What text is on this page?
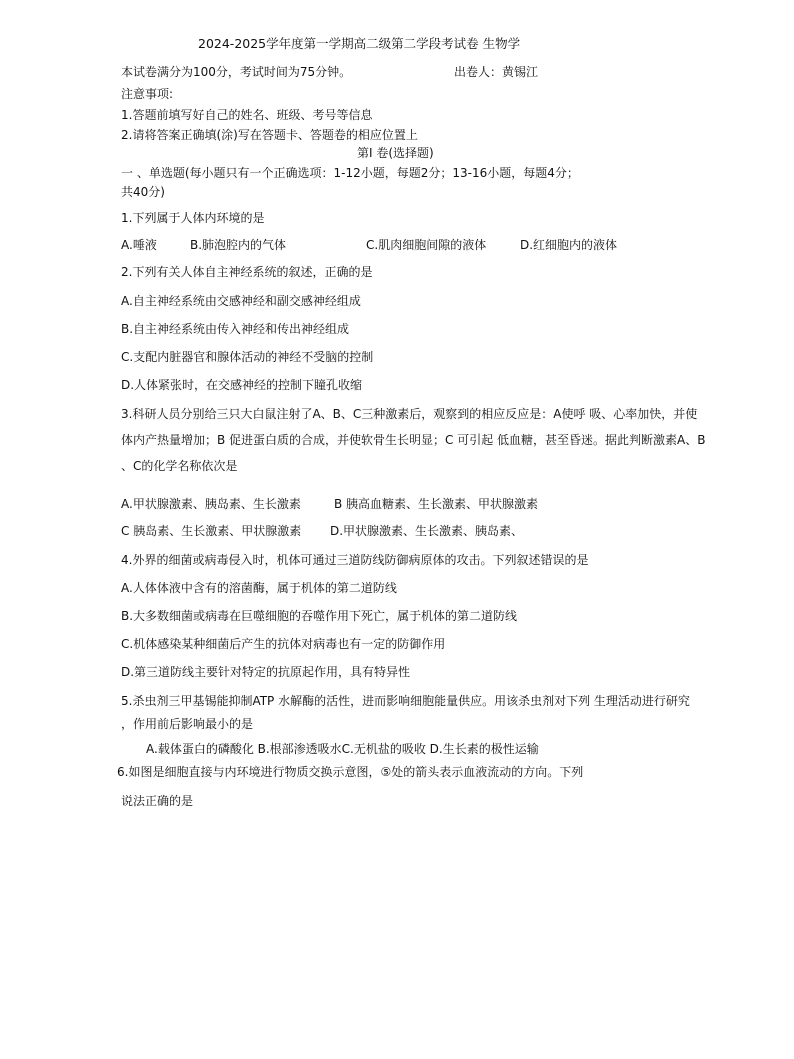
2024-2025学年度第一学期高二级第二学段考试卷 生物学

本试卷满分为100分，考试时间为75分钟。	出卷人：黄锡江

注意事项:

1.答题前填写好自己的姓名、班级、考号等信息

2.请将答案正确填(涂)写在答题卡、答题卷的相应位置上

第I 卷(选择题)

一 、单选题(每小题只有一个正确选项：1-12小题，每题2分；13-16小题，每题4分；

共40分)

1.下列属于人体内环境的是

A.唾液	B.肺泡腔内的气体	C.肌肉细胞间隙的液体	D.红细胞内的液体

2.下列有关人体自主神经系统的叙述，正确的是

A.自主神经系统由交感神经和副交感神经组成

B.自主神经系统由传入神经和传出神经组成

C.支配内脏器官和腺体活动的神经不受脑的控制

D.人体紧张时，在交感神经的控制下瞳孔收缩

3.科研人员分别给三只大白鼠注射了A、B、C三种激素后，观察到的相应反应是：A使呼 吸、心率加快，并使

体内产热量增加；B 促进蛋白质的合成，并使软骨生长明显；C 可引起 低血糖，甚至昏迷。据此判断激素A、B

、C的化学名称依次是

A.甲状腺激素、胰岛素、生长激素	B 胰高血糖素、生长激素、甲状腺激素

C 胰岛素、生长激素、甲状腺激素 D.甲状腺激素、生长激素、胰岛素、

4.外界的细菌或病毒侵入时，机体可通过三道防线防御病原体的攻击。下列叙述错误的是

A.人体体液中含有的溶菌酶，属于机体的第二道防线

B.大多数细菌或病毒在巨噬细胞的吞噬作用下死亡，属于机体的第二道防线

C.机体感染某种细菌后产生的抗体对病毒也有一定的防御作用

D.第三道防线主要针对特定的抗原起作用，具有特异性

5.杀虫剂三甲基锡能抑制ATP 水解酶的活性，进而影响细胞能量供应。用该杀虫剂对下列 生理活动进行研究

，作用前后影响最小的是

A.载体蛋白的磷酸化 B.根部渗透吸水C.无机盐的吸收 D.生长素的极性运输

6.如图是细胞直接与内环境进行物质交换示意图，⑤处的箭头表示血液流动的方向。下列

说法正确的是
